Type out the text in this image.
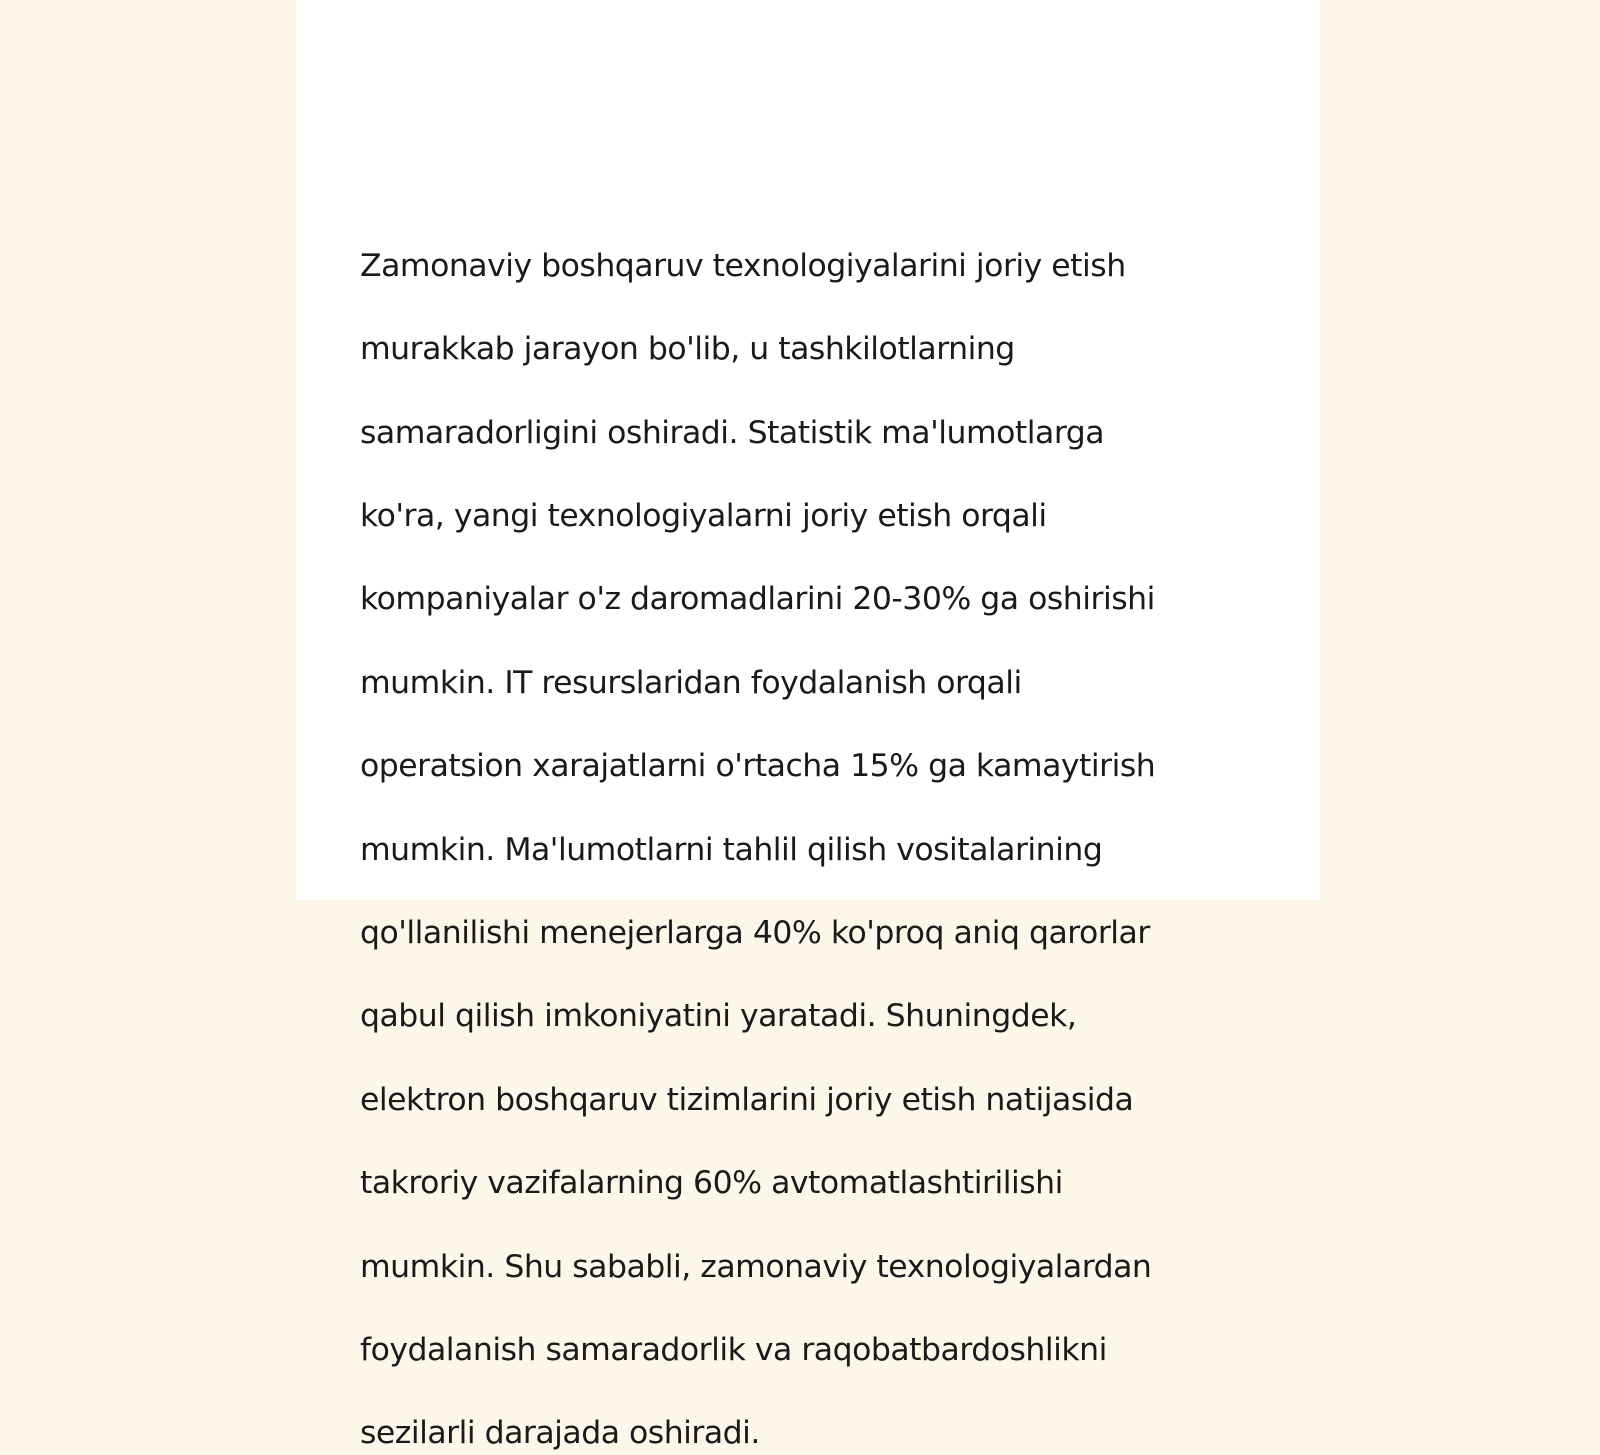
Zamonaviy boshqaruv texnologiyalarini joriy etish

murakkab jarayon bo'lib, u tashkilotlarning

samaradorligini oshiradi. Statistik ma'lumotlarga

ko'ra, yangi texnologiyalarni joriy etish orqali

kompaniyalar o'z daromadlarini 20-30% ga oshirishi

mumkin. IT resurslaridan foydalanish orqali

operatsion xarajatlarni o'rtacha 15% ga kamaytirish

mumkin. Ma'lumotlarni tahlil qilish vositalarining

qo'llanilishi menejerlarga 40% ko'proq aniq qarorlar

qabul qilish imkoniyatini yaratadi. Shuningdek,

elektron boshqaruv tizimlarini joriy etish natijasida

takroriy vazifalarning 60% avtomatlashtirilishi

mumkin. Shu sababli, zamonaviy texnologiyalardan

foydalanish samaradorlik va raqobatbardoshlikni

sezilarli darajada oshiradi.
